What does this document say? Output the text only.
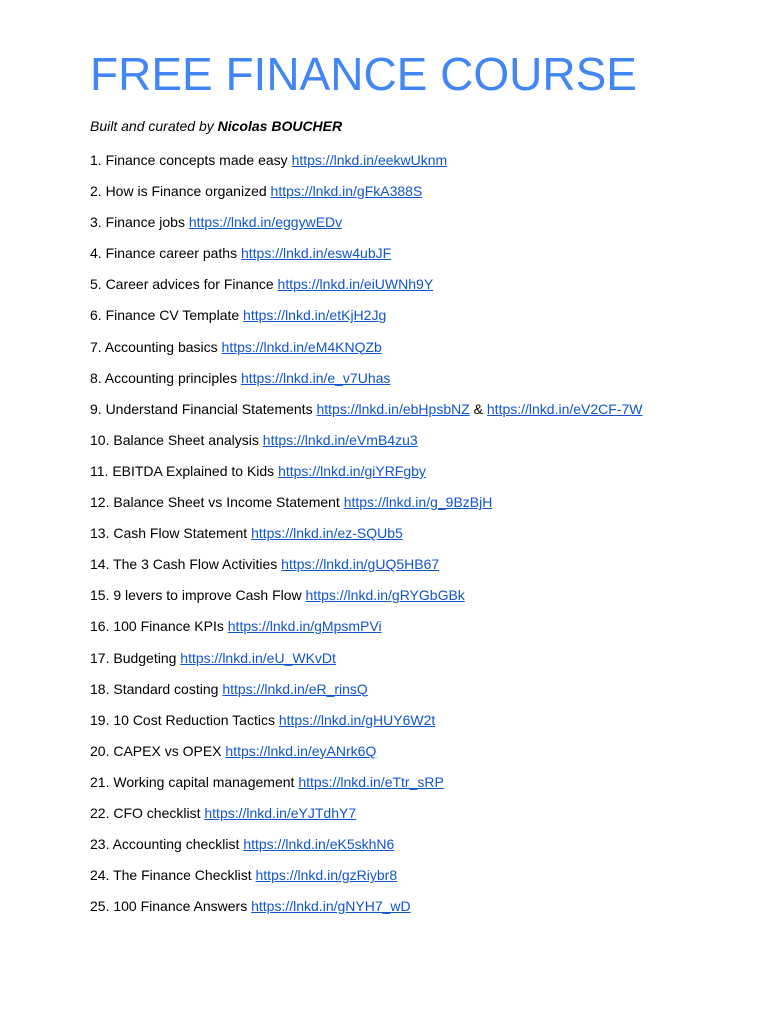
FREE FINANCE COURSE
Built and curated by Nicolas BOUCHER
1. Finance concepts made easy https://lnkd.in/eekwUknm
2. How is Finance organized https://lnkd.in/gFkA388S
3. Finance jobs https://lnkd.in/eggywEDv
4. Finance career paths https://lnkd.in/esw4ubJF
5. Career advices for Finance https://lnkd.in/eiUWNh9Y
6. Finance CV Template https://lnkd.in/etKjH2Jg
7. Accounting basics https://lnkd.in/eM4KNQZb
8. Accounting principles https://lnkd.in/e_v7Uhas
9. Understand Financial Statements https://lnkd.in/ebHpsbNZ & https://lnkd.in/eV2CF-7W
10. Balance Sheet analysis https://lnkd.in/eVmB4zu3
11. EBITDA Explained to Kids https://lnkd.in/giYRFgby
12. Balance Sheet vs Income Statement https://lnkd.in/g_9BzBjH
13. Cash Flow Statement https://lnkd.in/ez-SQUb5
14. The 3 Cash Flow Activities https://lnkd.in/gUQ5HB67
15. 9 levers to improve Cash Flow https://lnkd.in/gRYGbGBk
16. 100 Finance KPIs https://lnkd.in/gMpsmPVi
17. Budgeting https://lnkd.in/eU_WKvDt
18. Standard costing https://lnkd.in/eR_rinsQ
19. 10 Cost Reduction Tactics https://lnkd.in/gHUY6W2t
20. CAPEX vs OPEX https://lnkd.in/eyANrk6Q
21. Working capital management https://lnkd.in/eTtr_sRP
22. CFO checklist https://lnkd.in/eYJTdhY7
23. Accounting checklist https://lnkd.in/eK5skhN6
24. The Finance Checklist https://lnkd.in/gzRiybr8
25. 100 Finance Answers https://lnkd.in/gNYH7_wD
